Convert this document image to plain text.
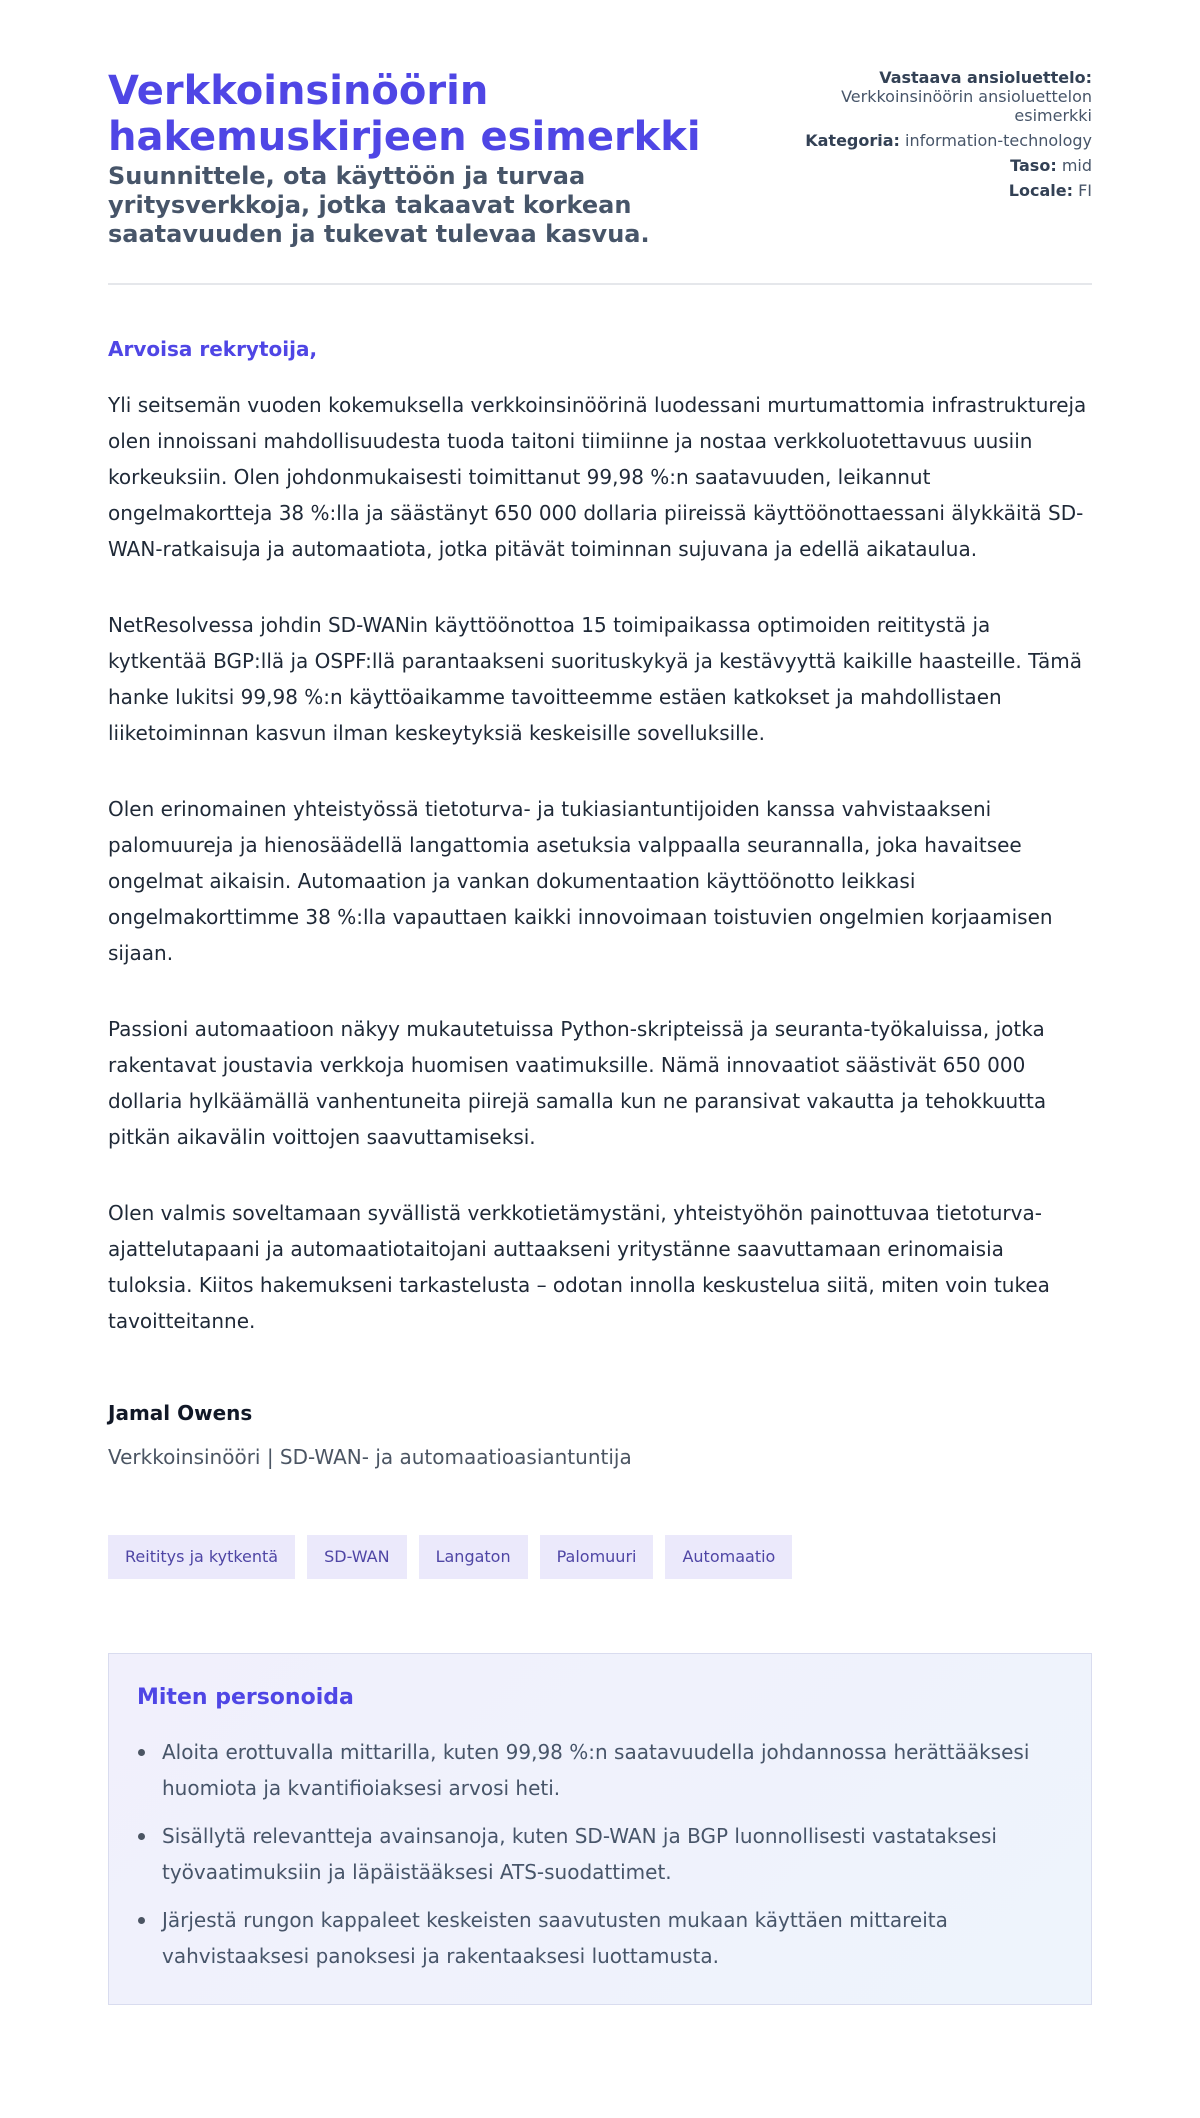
Verkkoinsinöörin hakemuskirjeen esimerkki
Suunnittele, ota käyttöön ja turvaa yritysverkkoja, jotka takaavat korkean saatavuuden ja tukevat tulevaa kasvua.
Vastaava ansioluettelo:
Verkkoinsinöörin ansioluettelon esimerkki
Kategoria: information-technology
Taso: mid
Locale: FI
Arvoisa rekrytoija,

Yli seitsemän vuoden kokemuksella verkkoinsinöörinä luodessani murtumattomia infrastruktureja olen innoissani mahdollisuudesta tuoda taitoni tiimiinne ja nostaa verkkoluotettavuus uusiin korkeuksiin. Olen johdonmukaisesti toimittanut 99,98 %:n saatavuuden, leikannut ongelmakortteja 38 %:lla ja säästänyt 650 000 dollaria piireissä käyttöönottaessani älykkäitä SD-WAN-ratkaisuja ja automaatiota, jotka pitävät toiminnan sujuvana ja edellä aikataulua.

NetResolvessa johdin SD-WANin käyttöönottoa 15 toimipaikassa optimoiden reititystä ja kytkentää BGP:llä ja OSPF:llä parantaakseni suorituskykyä ja kestävyyttä kaikille haasteille. Tämä hanke lukitsi 99,98 %:n käyttöaikamme tavoitteemme estäen katkokset ja mahdollistaen liiketoiminnan kasvun ilman keskeytyksiä keskeisille sovelluksille.

Olen erinomainen yhteistyössä tietoturva- ja tukiasiantuntijoiden kanssa vahvistaakseni palomuureja ja hienosäädellä langattomia asetuksia valppaalla seurannalla, joka havaitsee ongelmat aikaisin. Automaation ja vankan dokumentaation käyttöönotto leikkasi ongelmakorttimme 38 %:lla vapauttaen kaikki innovoimaan toistuvien ongelmien korjaamisen sijaan.

Passioni automaatioon näkyy mukautetuissa Python-skripteissä ja seuranta-työkaluissa, jotka rakentavat joustavia verkkoja huomisen vaatimuksille. Nämä innovaatiot säästivät 650 000 dollaria hylkäämällä vanhentuneita piirejä samalla kun ne paransivat vakautta ja tehokkuutta pitkän aikavälin voittojen saavuttamiseksi.

Olen valmis soveltamaan syvällistä verkkotietämystäni, yhteistyöhön painottuvaa tietoturva-ajattelutapaani ja automaatiotaitojani auttaakseni yritystänne saavuttamaan erinomaisia tuloksia. Kiitos hakemukseni tarkastelusta – odotan innolla keskustelua siitä, miten voin tukea tavoitteitanne.

Jamal Owens
Verkkoinsinööri | SD-WAN- ja automaatioasiantuntija
Reititys ja kytkentä	SD-WAN	Langaton	Palomuuri	Automaatio
Miten personoida
Aloita erottuvalla mittarilla, kuten 99,98 %:n saatavuudella johdannossa herättääksesi huomiota ja kvantifioiaksesi arvosi heti.
Sisällytä relevantteja avainsanoja, kuten SD-WAN ja BGP luonnollisesti vastataksesi työvaatimuksiin ja läpäistääksesi ATS-suodattimet.
Järjestä rungon kappaleet keskeisten saavutusten mukaan käyttäen mittareita vahvistaaksesi panoksesi ja rakentaaksesi luottamusta.
